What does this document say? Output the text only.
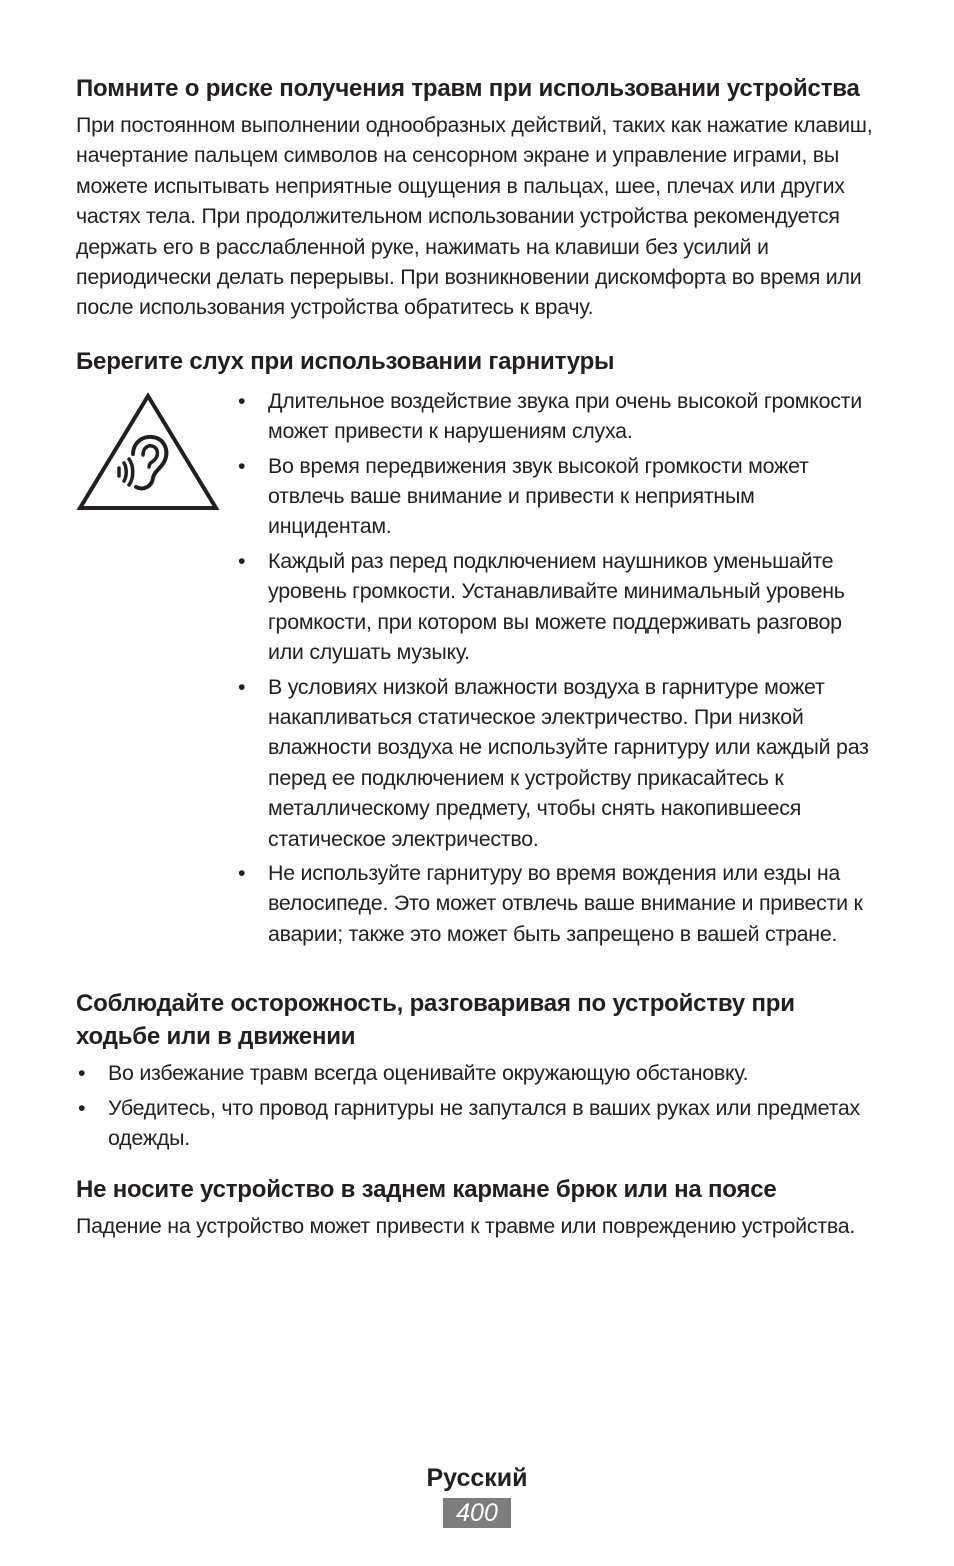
Помните о риске получения травм при использовании устройства

При постоянном выполнении однообразных действий, таких как нажатие клавиш, начертание пальцем символов на сенсорном экране и управление играми, вы можете испытывать неприятные ощущения в пальцах, шее, плечах или других частях тела. При продолжительном использовании устройства рекомендуется держать его в расслабленной руке, нажимать на клавиши без усилий и периодически делать перерывы. При возникновении дискомфорта во время или после использования устройства обратитесь к врачу.

Берегите слух при использовании гарнитуры
• Длительное воздействие звука при очень высокой громкости может привести к нарушениям слуха.
• Во время передвижения звук высокой громкости может отвлечь ваше внимание и привести к неприятным инцидентам.
• Каждый раз перед подключением наушников уменьшайте уровень громкости. Устанавливайте минимальный уровень громкости, при котором вы можете поддерживать разговор или слушать музыку.
• В условиях низкой влажности воздуха в гарнитуре может накапливаться статическое электричество. При низкой влажности воздуха не используйте гарнитуру или каждый раз перед ее подключением к устройству прикасайтесь к металлическому предмету, чтобы снять накопившееся статическое электричество.
• Не используйте гарнитуру во время вождения или езды на велосипеде. Это может отвлечь ваше внимание и привести к аварии; также это может быть запрещено в вашей стране.
Соблюдайте осторожность, разговаривая по устройству при ходьбе или в движении
• Во избежание травм всегда оценивайте окружающую обстановку.
• Убедитесь, что провод гарнитуры не запутался в ваших руках или предметах одежды.
Не носите устройство в заднем кармане брюк или на поясе

Падение на устройство может привести к травме или повреждению устройства.

Русский
400
